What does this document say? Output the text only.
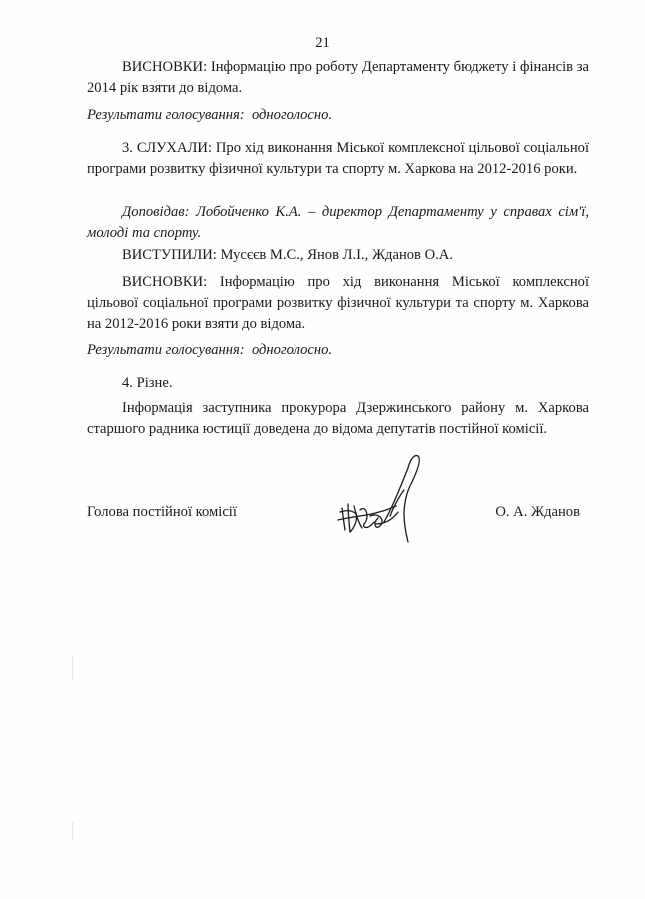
21

ВИСНОВКИ: Інформацію про роботу Департаменту бюджету і фінансів за 2014 рік взяти до відома.

Результати голосування: одноголосно.

3. СЛУХАЛИ: Про хід виконання Міської комплексної цільової соціальної програми розвитку фізичної культури та спорту м. Харкова на 2012-2016 роки.

Доповідав: Лобойченко К.А. – директор Департаменту у справах сім'ї, молоді та спорту.

ВИСТУПИЛИ: Мусєєв М.С., Янов Л.І., Жданов О.А.

ВИСНОВКИ: Інформацію про хід виконання Міської комплексної цільової соціальної програми розвитку фізичної культури та спорту м. Харкова на 2012-2016 роки взяти до відома.

Результати голосування: одноголосно.

4. Різне.

Інформація заступника прокурора Дзержинського району м. Харкова старшого радника юстиції доведена до відома депутатів постійної комісії.

Голова постійної комісії	О. А. Жданов
